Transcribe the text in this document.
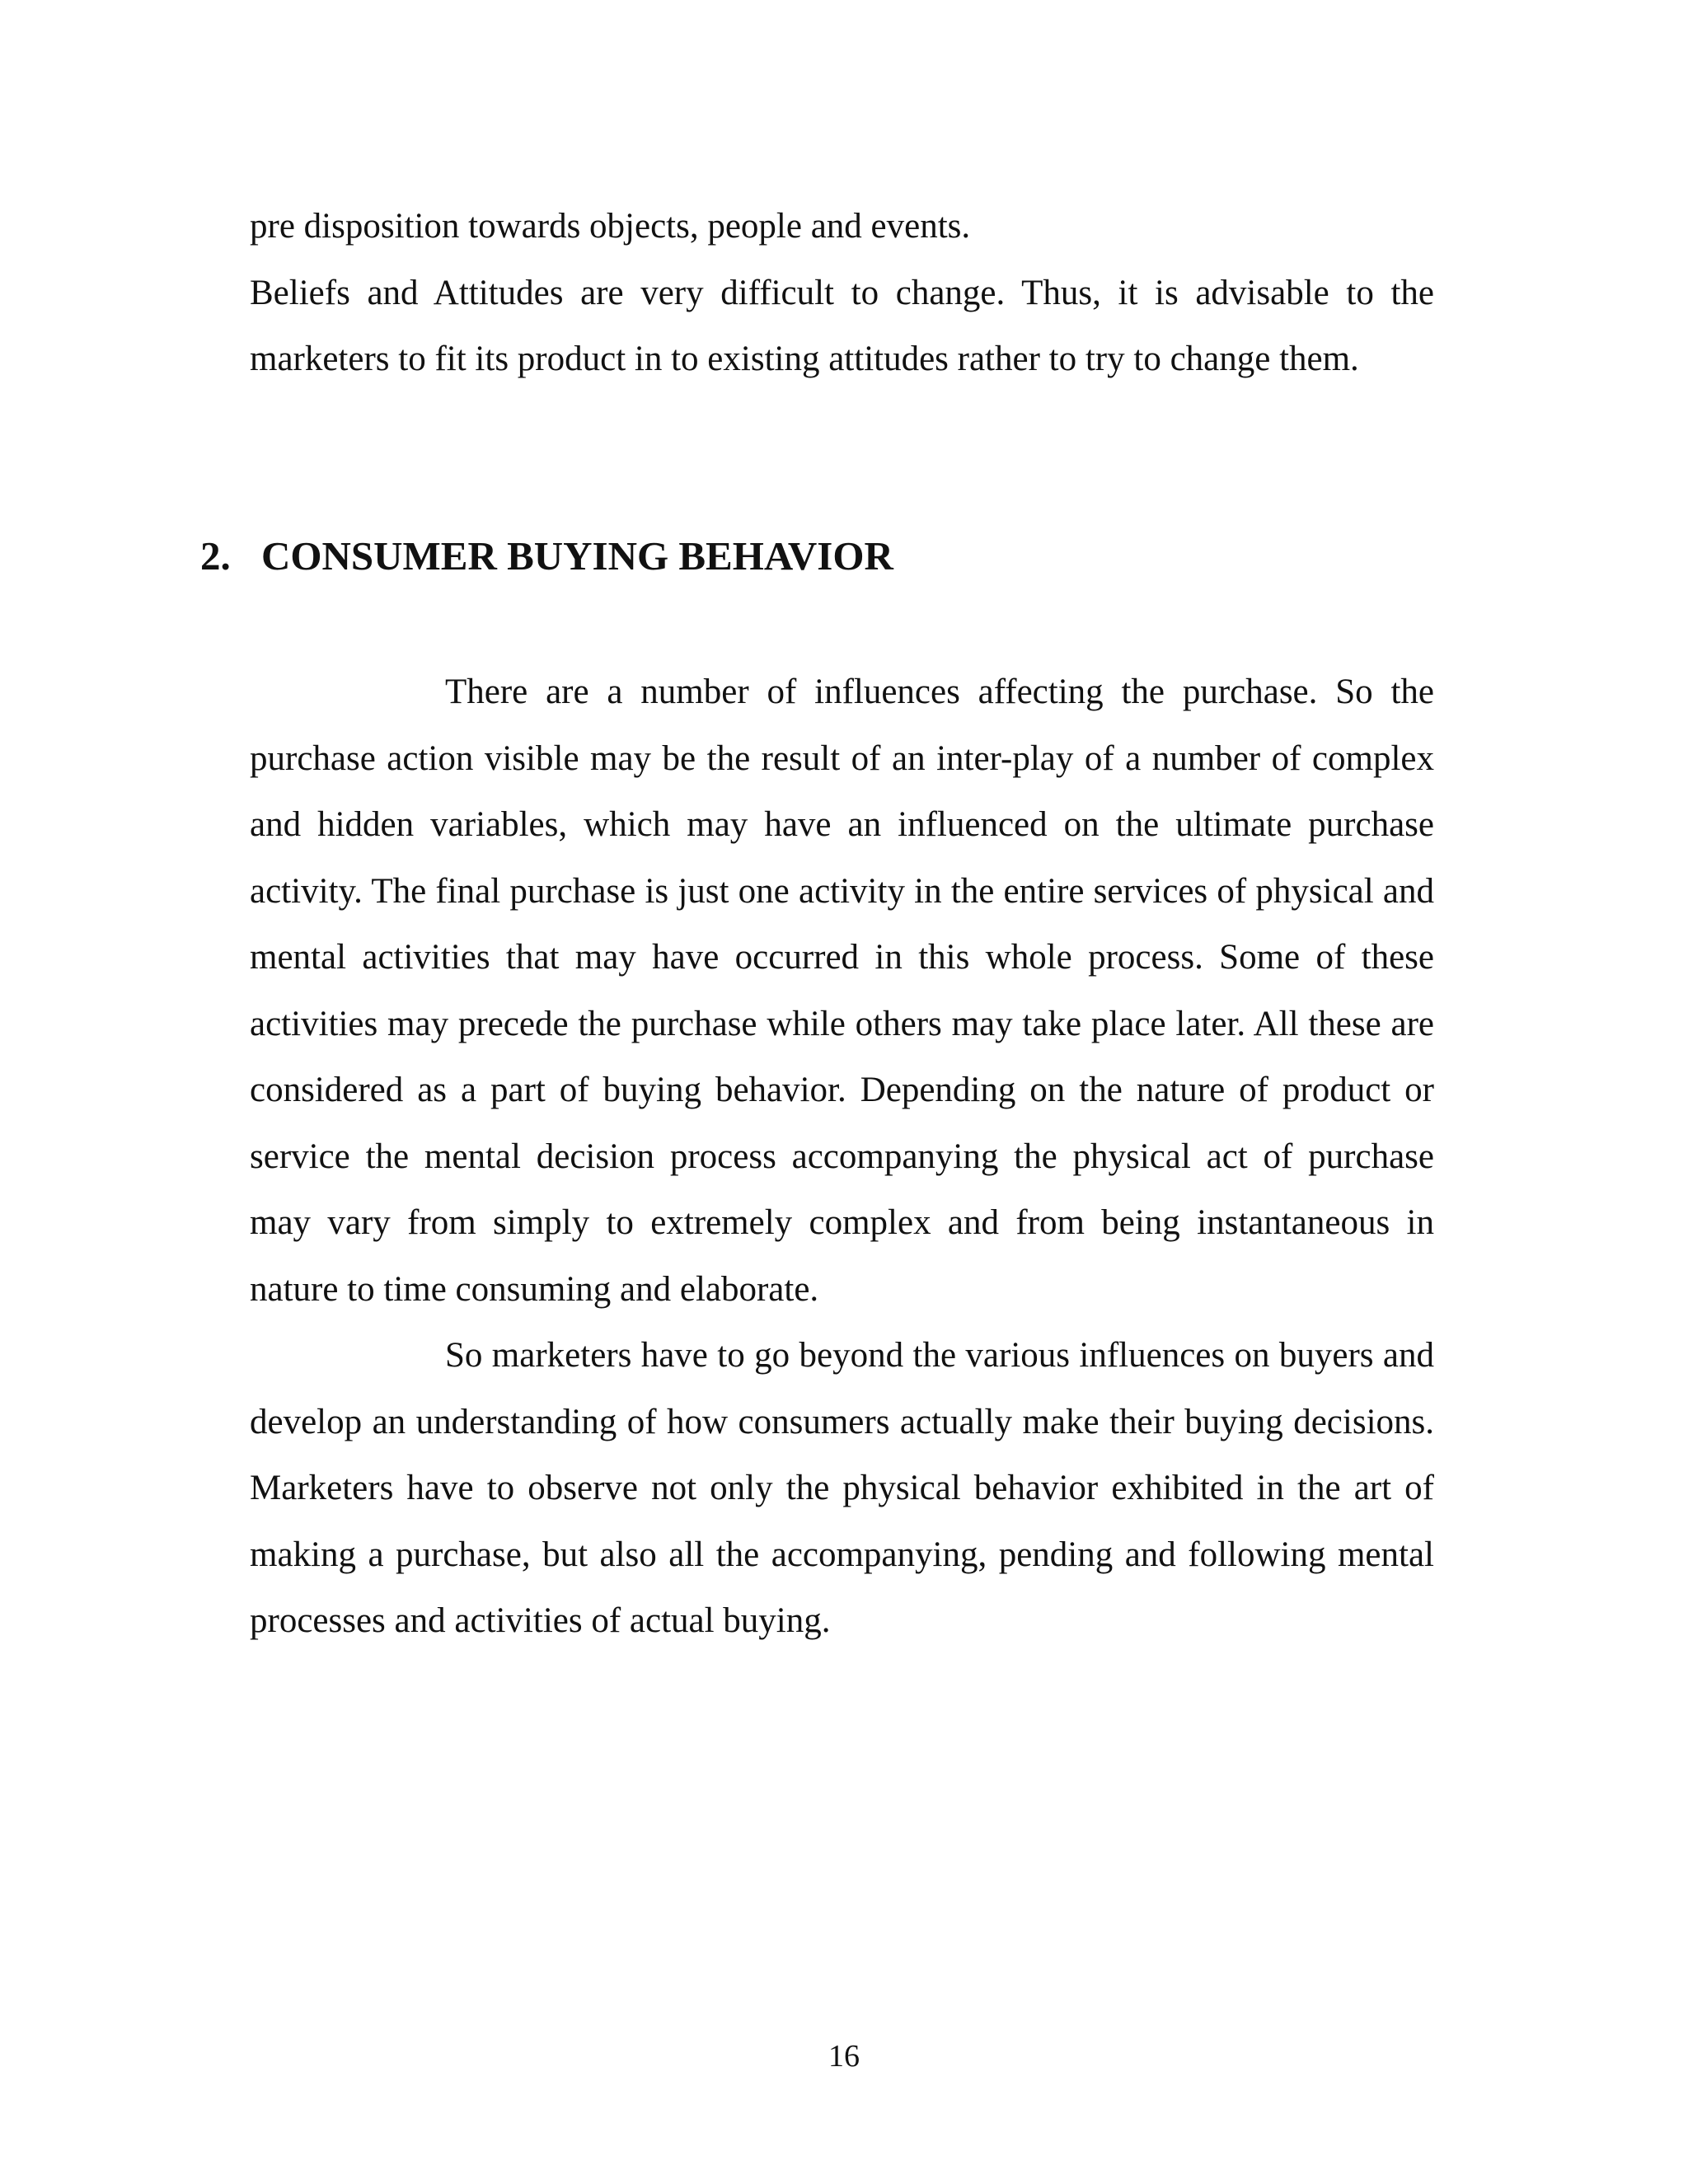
pre disposition towards objects, people and events.

Beliefs and Attitudes are very difficult to change. Thus, it is advisable to the marketers to fit its product in to existing attitudes rather to try to change them.

2. CONSUMER BUYING BEHAVIOR

There are a number of influences affecting the purchase. So the purchase action visible may be the result of an inter-play of a number of complex and hidden variables, which may have an influenced on the ultimate purchase activity. The final purchase is just one activity in the entire services of physical and mental activities that may have occurred in this whole process. Some of these activities may precede the purchase while others may take place later. All these are considered as a part of buying behavior. Depending on the nature of product or service the mental decision process accompanying the physical act of purchase may vary from simply to extremely complex and from being instantaneous in nature to time consuming and elaborate.

So marketers have to go beyond the various influences on buyers and develop an understanding of how consumers actually make their buying decisions. Marketers have to observe not only the physical behavior exhibited in the art of making a purchase, but also all the accompanying, pending and following mental processes and activities of actual buying.

16
